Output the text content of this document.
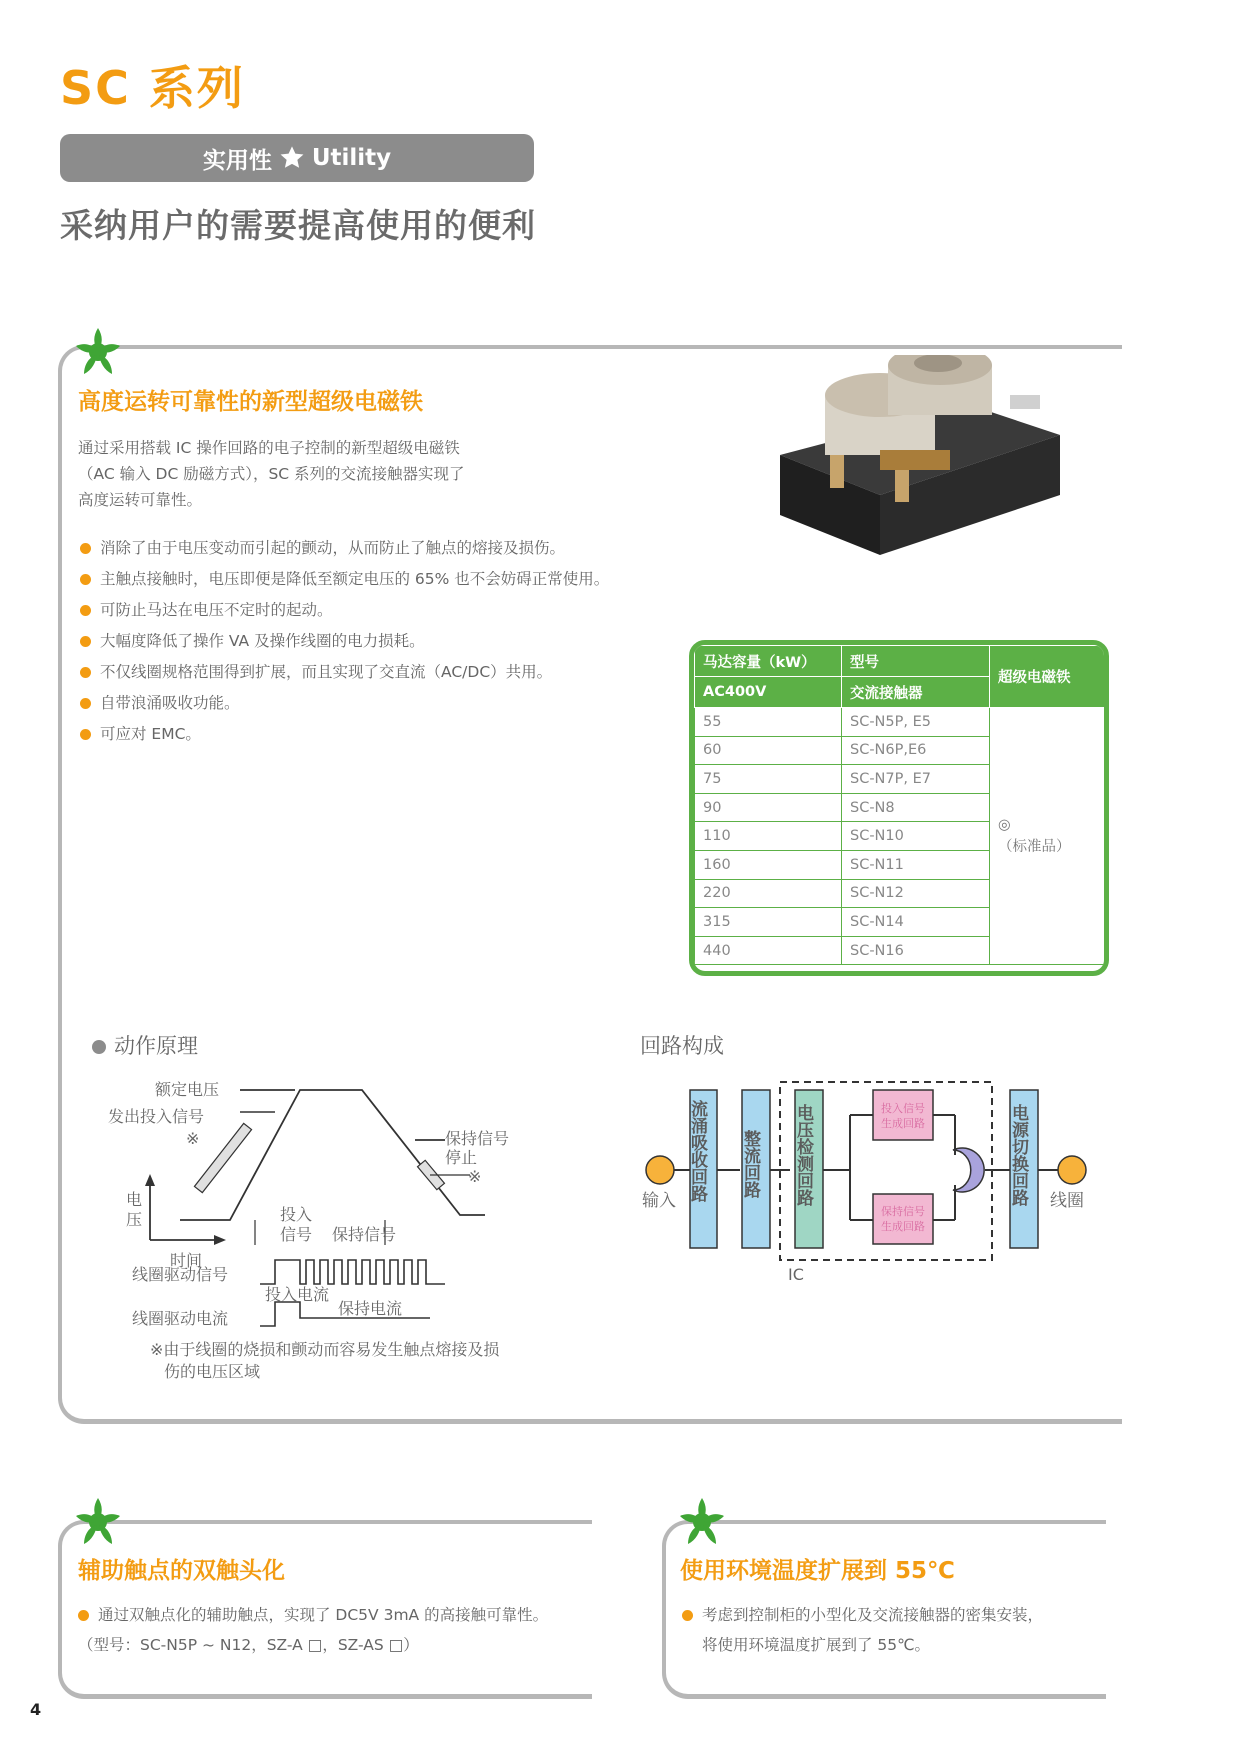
SC 系列
实用性 Utility
采纳用户的需要提高使用的便利
高度运转可靠性的新型超级电磁铁
通过采用搭载 IC 操作回路的电子控制的新型超级电磁铁
（AC 输入 DC 励磁方式），SC 系列的交流接触器实现了
高度运转可靠性。
消除了由于电压变动而引起的颤动，从而防止了触点的熔接及损伤。
主触点接触时，电压即便是降低至额定电压的 65% 也不会妨碍正常使用。
可防止马达在电压不定时的起动。
大幅度降低了操作 VA 及操作线圈的电力损耗。
不仅线圈规格范围得到扩展，而且实现了交直流（AC/DC）共用。
自带浪涌吸收功能。
可应对 EMC。
马达容量（kW）	型号	超级电磁铁
AC400V	交流接触器	
55	SC-N5P, E5	◎
（标准品）

60	SC-N6P,E6	
75	SC-N7P, E7	
90	SC-N8	
110	SC-N10	
160	SC-N11	
220	SC-N12	
315	SC-N14	
440	SC-N16	
动作原理
额定电压
发出投入信号
※	保持信号
停止
※
电
压
时间
投入
信号 保持信号
线圈驱动信号
投入电流
保持电流
线圈驱动电流
※由于线圈的烧损和颤动而容易发生触点熔接及损
伤的电压区域
回路构成
输入	线圈
IC
流涌吸收回路 整流回路 电压检测回路	投入信号
生成回路
保持信号
生成回路
电源切换回路
辅助触点的双触头化
通过双触点化的辅助触点，实现了 DC5V 3mA 的高接触可靠性。
（型号：SC-N5P ~ N12，SZ-A □，SZ-AS □）
使用环境温度扩展到 55℃
考虑到控制柜的小型化及交流接触器的密集安装，
将使用环境温度扩展到了 55℃。
4
